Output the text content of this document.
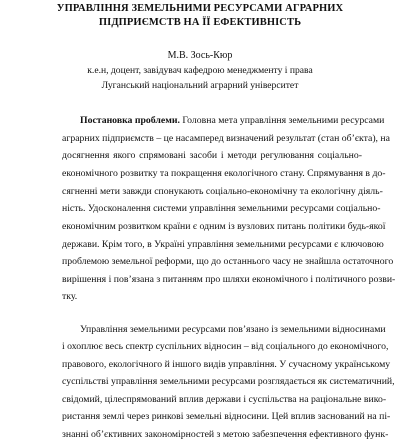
УПРАВЛІННЯ ЗЕМЕЛЬНИМИ РЕСУРСАМИ АГРАРНИХ
ПІДПРИЄМСТВ НА ЇЇ ЕФЕКТИВНІСТЬ
М.В. Зось-Кюр
к.е.н, доцент, завідувач кафедрою менеджменту і права
Луганський національний аграрний університет
Постановка проблеми. Головна мета управління земельними ресурсами
аграрних підприємств – це насамперед визначений результат (стан об’єкта), на
досягнення якого спрямовані засоби і методи регулювання соціально-
економічного розвитку та покращення екологічного стану. Спрямування в до-
сягненні мети завжди спонукають соціально-економічну та екологічну діяль-
ність. Удосконалення системи управління земельними ресурсами соціально-
економічним розвитком країни є одним із вузлових питань політики будь-якої
держави. Крім того, в Україні управління земельними ресурсами є ключовою
проблемою земельної реформи, що до останнього часу не знайшла остаточного
вирішення і пов’язана з питанням про шляхи економічного і політичного розви-
тку.
Управління земельними ресурсами пов’язано із земельними відносинами
і охоплює весь спектр суспільних відносин – від соціального до економічного,
правового, екологічного й іншого видів управління. У сучасному українському
суспільстві управління земельними ресурсами розглядається як систематичний,
свідомий, цілеспрямований вплив держави і суспільства на раціональне вико-
ристання землі через ринкові земельні відносини. Цей вплив заснований на пі-
знанні об’єктивних закономірностей з метою забезпечення ефективного функ-
